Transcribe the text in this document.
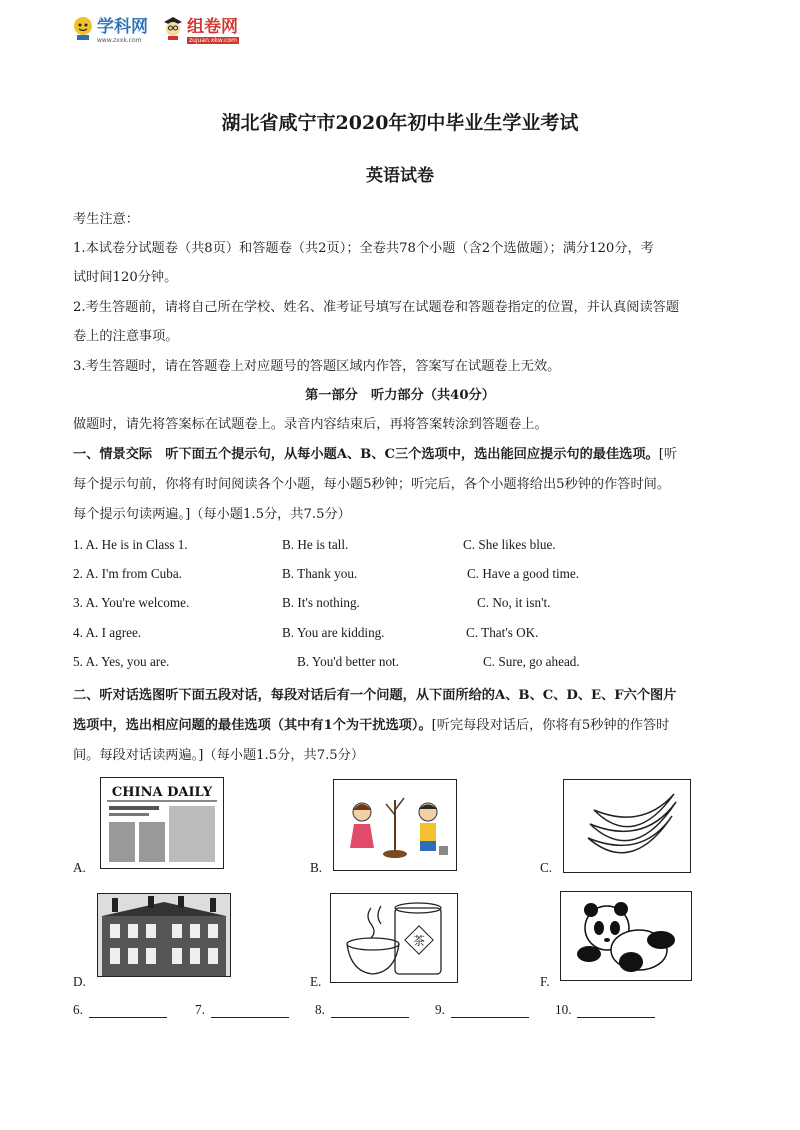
学科网
www.zxxk.com
组卷网
zujuan.xkw.com
湖北省咸宁市2020年初中毕业生学业考试
英语试卷
考生注意：
1.本试卷分试题卷（共8页）和答题卷（共2页）；全卷共78个小题（含2个选做题）；满分120分，考
试时间120分钟。
2.考生答题前，请将自己所在学校、姓名、准考证号填写在试题卷和答题卷指定的位置，并认真阅读答题
卷上的注意事项。
3.考生答题时，请在答题卷上对应题号的答题区域内作答，答案写在试题卷上无效。
第一部分　听力部分（共40分）
做题时，请先将答案标在试题卷上。录音内容结束后，再将答案转涂到答题卷上。
一、情景交际　听下面五个提示句，从每小题A、B、C三个选项中，选出能回应提示句的最佳选项。[听
每个提示句前，你将有时间阅读各个小题，每小题5秒钟；听完后，各个小题将给出5秒钟的作答时间。
每个提示句读两遍。]（每小题1.5分，共7.5分）
1. A. He is in Class 1.	B. He is tall.	C. She likes blue.
2. A. I'm from Cuba.	B. Thank you.	C. Have a good time.
3. A. You're welcome.	B. It's nothing.	C. No, it isn't.
4. A. I agree.	B. You are kidding.	C. That's OK.
5. A. Yes, you are.	B. You'd better not.	C. Sure, go ahead.
二、听对话选图听下面五段对话，每段对话后有一个问题，从下面所给的A、B、C、D、E、F六个图片
选项中，选出相应问题的最佳选项（其中有1个为干扰选项）。[听完每段对话后，你将有5秒钟的作答时
间。每段对话读两遍。]（每小题1.5分，共7.5分）
CHINA DAILY
A.	B.	C.
D.
茶
E.	F.
6.	7.	8.	9.	10.
